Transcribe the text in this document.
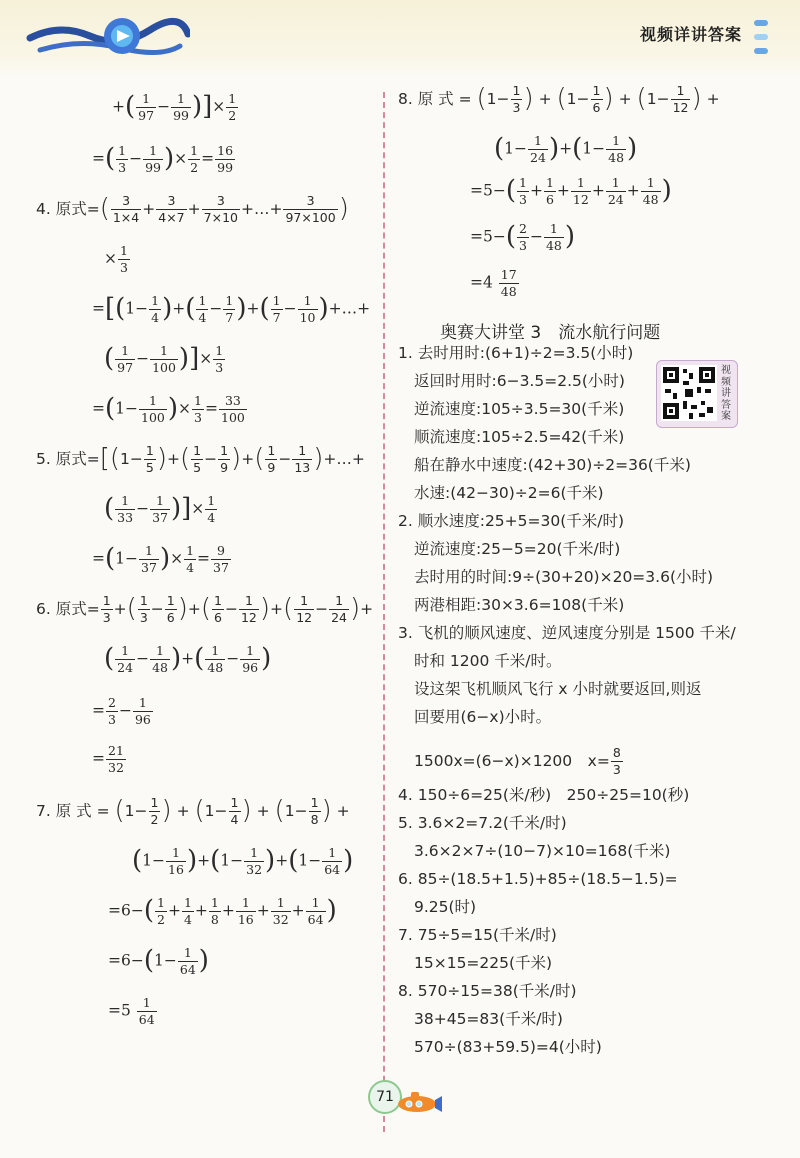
视频详讲答案
+( $\frac{1}{97} - \frac{1}{99}$ )]× $\frac{1}{2}$
=( $\frac{1}{3} - \frac{1}{99}$ )× $\frac{1}{2} = \frac{16}{99}$
4. 原式=( $\frac{3}{1\times 4} + \frac{3}{4\times 7} + \frac{3}{7\times 10}$ +…+ $\frac{3}{97\times 100}$ )
× $\frac{1}{3}$
$=[(1- \frac{1}{4}$ )+( $\frac{1}{4} - \frac{1}{7}$ )+( $\frac{1}{7} - \frac{1}{10}$ )+…+
( $\frac{1}{97} - \frac{1}{100}$ )]× $\frac{1}{3}$
$=(1- \frac{1}{100}$ )× $\frac{1}{3} = \frac{33}{100}$
5. 原式$=[(1- \frac{1}{5}$ )+( $\frac{1}{5} - \frac{1}{9}$ )+( $\frac{1}{9} - \frac{1}{13}$ )+…+
( $\frac{1}{33} - \frac{1}{37}$ )]× $\frac{1}{4}$
$=(1- \frac{1}{37}$ )× $\frac{1}{4} = \frac{9}{37}$
6. 原式= $\frac{1}{3}$ +( $\frac{1}{3} - \frac{1}{6}$ )+( $\frac{1}{6} - \frac{1}{12}$ )+( $\frac{1}{12} - \frac{1}{24}$ )+
( $\frac{1}{24} - \frac{1}{48}$ )+( $\frac{1}{48} - \frac{1}{96}$ )
= $\frac{2}{3} - \frac{1}{96}$
= $\frac{21}{32}$
7. 原 式 = ($1- \frac{1}{2}$ ) + ($1- \frac{1}{4}$ ) + ($1- \frac{1}{8}$ ) +
$(1- \frac{1}{16} )+(1- \frac{1}{32} )+(1- \frac{1}{64}$ )
$=6-( \frac{1}{2} + \frac{1}{4} + \frac{1}{8} + \frac{1}{16} + \frac{1}{32} + \frac{1}{64}$ )
$=6-(1- \frac{1}{64}$ )
$=5 \frac{1}{64}$
8. 原 式 = ($1- \frac{1}{3}$ ) + ($1- \frac{1}{6}$ ) + ($1- \frac{1}{12}$ ) +
$(1- \frac{1}{24} )+(1- \frac{1}{48}$ )
$=5-( \frac{1}{3} + \frac{1}{6} + \frac{1}{12} + \frac{1}{24} + \frac{1}{48}$ )
$=5-( \frac{2}{3} - \frac{1}{48}$ )
$=4 \frac{17}{48}$
奥赛大讲堂 3　流水航行问题
视频讲答案
1. 去时用时:(6+1)÷2=3.5(小时)
返回时用时:6−3.5=2.5(小时)
逆流速度:105÷3.5=30(千米)
顺流速度:105÷2.5=42(千米)
船在静水中速度:(42+30)÷2=36(千米)
水速:(42−30)÷2=6(千米)
2. 顺水速度:25+5=30(千米/时)
逆流速度:25−5=20(千米/时)
去时用的时间:9÷(30+20)×20=3.6(小时)
两港相距:30×3.6=108(千米)
3. 飞机的顺风速度、逆风速度分别是 1500 千米/
时和 1200 千米/时。
设这架飞机顺风飞行 x 小时就要返回,则返
回要用(6−x)小时。
1500x=(6−x)×1200　$x= \frac{8}{3}$
4. 150÷6=25(米/秒)　250÷25=10(秒)
5. 3.6×2=7.2(千米/时)
3.6×2×7÷(10−7)×10=168(千米)
6. 85÷(18.5+1.5)+85÷(18.5−1.5)=
9.25(时)
7. 75÷5=15(千米/时)
15×15=225(千米)
8. 570÷15=38(千米/时)
38+45=83(千米/时)
570÷(83+59.5)=4(小时)
71
